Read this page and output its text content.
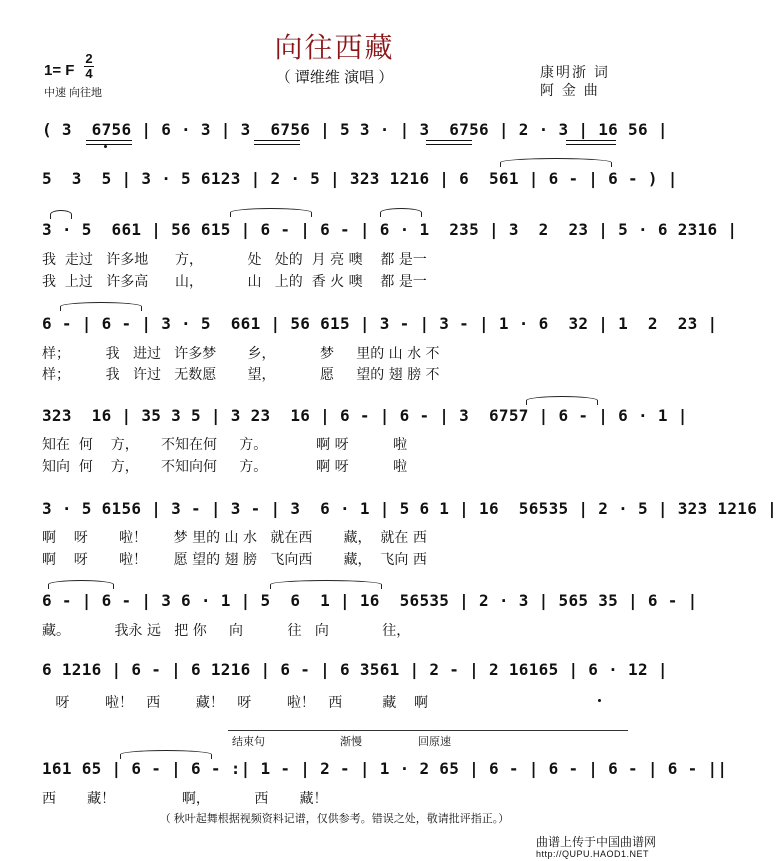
向往西藏
（ 谭维维 演唱 ）
1= F
2
4
中速 向往地
康明浙 词
阿 金 曲
( 3  6756 | 6 · 3 | 3  6756 | 5 3 · | 3  6756 | 2 · 3 | 16 56 |
5  3  5 | 3 · 5 6123 | 2 · 5 | 323 1216 | 6  561 | 6 - | 6 - ) |
3 · 5  661 | 56 615 | 6 - | 6 - | 6 · 1  235 | 3  2  23 | 5 · 6 2316 |
我  走过   许多地      方，          处   处的  月 亮 噢    都 是一
我  上过   许多高      山，          山   上的  香 火 噢    都 是一
6 - | 6 - | 3 · 5  661 | 56 615 | 3 - | 3 - | 1 · 6  32 | 1  2  23 |
样；        我   进过   许多梦       乡，          梦     里的 山 水 不
样；        我   许过   无数愿       望，          愿     望的 翅 膀 不
323  16 | 35 3 5 | 3 23  16 | 6 - | 6 - | 3  6757 | 6 - | 6 · 1 |
知在  何    方，     不知在何     方。           啊 呀          啦
知向  何    方，     不知向何     方。           啊 呀          啦
3 · 5 6156 | 3 - | 3 - | 3  6 · 1 | 5 6 1 | 16  56535 | 2 · 5 | 323 1216 |
啊    呀       啦！      梦 里的 山 水   就在西       藏，  就在 西
啊    呀       啦！      愿 望的 翅 膀   飞向西       藏，  飞向 西
6 - | 6 - | 3 6 · 1 | 5  6  1 | 16  56535 | 2 · 3 | 565 35 | 6 - |
藏。          我永 远   把 你     向          往   向            往，
6 1216 | 6 - | 6 1216 | 6 - | 6 3561 | 2 - | 2 16165 | 6 · 12 |
呀        啦！   西        藏！   呀        啦！   西         藏    啊
结束句	渐慢	回原速
161 65 | 6 - | 6 - :| 1 - | 2 - | 1 · 2 65 | 6 - | 6 - | 6 - | 6 - ||
西       藏！               啊，          西       藏！
（ 秋叶起舞根据视频资料记谱，仅供参考。错误之处，敬请批评指正。）
曲谱上传于中国曲谱网
http://QUPU.HAOD1.NET
